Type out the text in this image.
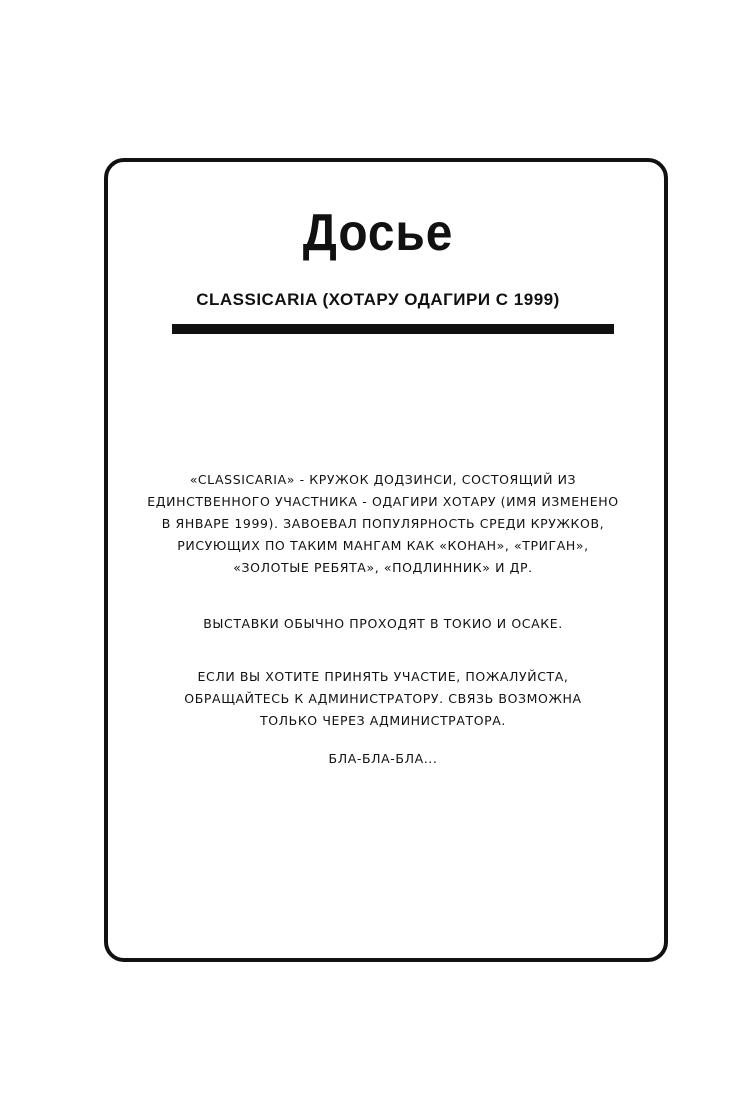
Досье
CLASSICARIA (ХОТАРУ ОДАГИРИ С 1999)
«CLASSICARIA» - КРУЖОК ДОДЗИНСИ, СОСТОЯЩИЙ ИЗ
ЕДИНСТВЕННОГО УЧАСТНИКА - ОДАГИРИ ХОТАРУ (ИМЯ ИЗМЕНЕНО
В ЯНВАРЕ 1999). ЗАВОЕВАЛ ПОПУЛЯРНОСТЬ СРЕДИ КРУЖКОВ,
РИСУЮЩИХ ПО ТАКИМ МАНГАМ КАК «КОНАН», «ТРИГАН»,
«ЗОЛОТЫЕ РЕБЯТА», «ПОДЛИННИК» И ДР.
ВЫСТАВКИ ОБЫЧНО ПРОХОДЯТ В ТОКИО И ОСАКЕ.
ЕСЛИ ВЫ ХОТИТЕ ПРИНЯТЬ УЧАСТИЕ, ПОЖАЛУЙСТА,
ОБРАЩАЙТЕСЬ К АДМИНИСТРАТОРУ. СВЯЗЬ ВОЗМОЖНА
ТОЛЬКО ЧЕРЕЗ АДМИНИСТРАТОРА.
БЛА-БЛА-БЛА...
